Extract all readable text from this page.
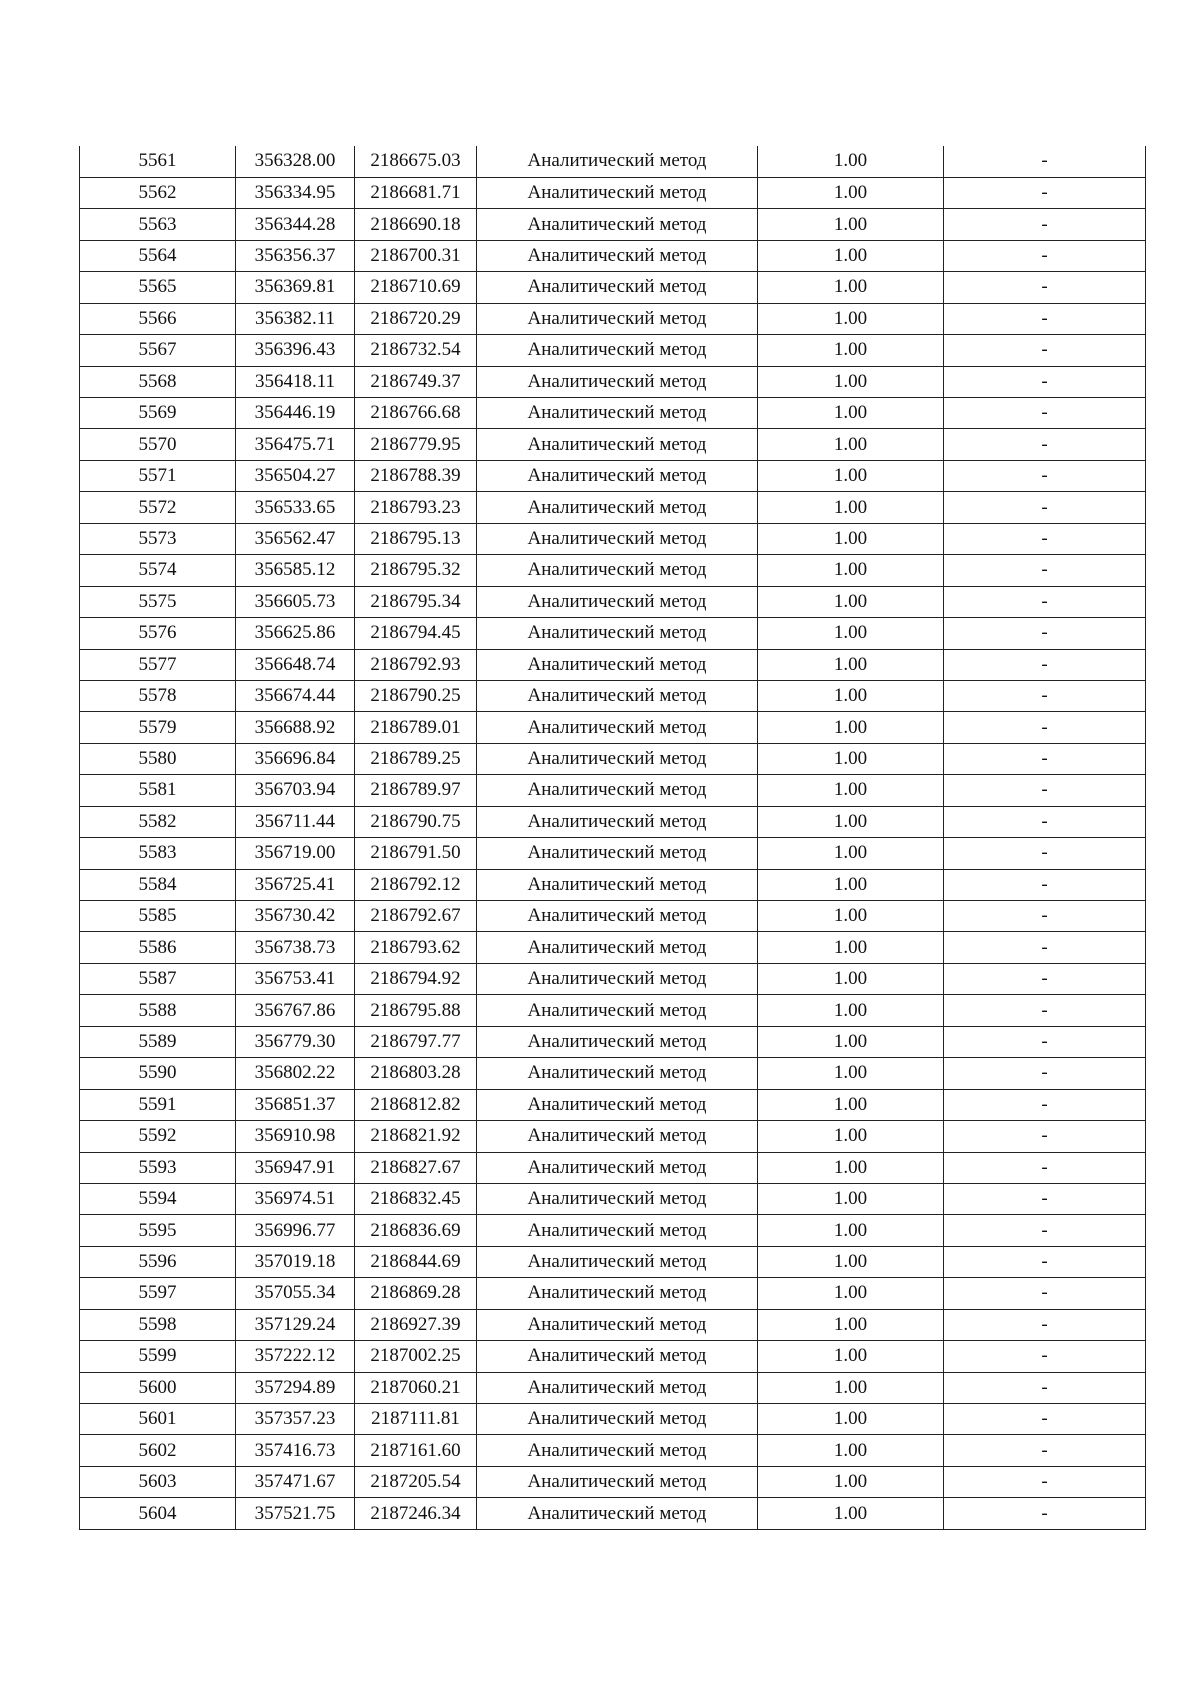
5561	356328.00	2186675.03	Аналитический метод	1.00	-
5562	356334.95	2186681.71	Аналитический метод	1.00	-
5563	356344.28	2186690.18	Аналитический метод	1.00	-
5564	356356.37	2186700.31	Аналитический метод	1.00	-
5565	356369.81	2186710.69	Аналитический метод	1.00	-
5566	356382.11	2186720.29	Аналитический метод	1.00	-
5567	356396.43	2186732.54	Аналитический метод	1.00	-
5568	356418.11	2186749.37	Аналитический метод	1.00	-
5569	356446.19	2186766.68	Аналитический метод	1.00	-
5570	356475.71	2186779.95	Аналитический метод	1.00	-
5571	356504.27	2186788.39	Аналитический метод	1.00	-
5572	356533.65	2186793.23	Аналитический метод	1.00	-
5573	356562.47	2186795.13	Аналитический метод	1.00	-
5574	356585.12	2186795.32	Аналитический метод	1.00	-
5575	356605.73	2186795.34	Аналитический метод	1.00	-
5576	356625.86	2186794.45	Аналитический метод	1.00	-
5577	356648.74	2186792.93	Аналитический метод	1.00	-
5578	356674.44	2186790.25	Аналитический метод	1.00	-
5579	356688.92	2186789.01	Аналитический метод	1.00	-
5580	356696.84	2186789.25	Аналитический метод	1.00	-
5581	356703.94	2186789.97	Аналитический метод	1.00	-
5582	356711.44	2186790.75	Аналитический метод	1.00	-
5583	356719.00	2186791.50	Аналитический метод	1.00	-
5584	356725.41	2186792.12	Аналитический метод	1.00	-
5585	356730.42	2186792.67	Аналитический метод	1.00	-
5586	356738.73	2186793.62	Аналитический метод	1.00	-
5587	356753.41	2186794.92	Аналитический метод	1.00	-
5588	356767.86	2186795.88	Аналитический метод	1.00	-
5589	356779.30	2186797.77	Аналитический метод	1.00	-
5590	356802.22	2186803.28	Аналитический метод	1.00	-
5591	356851.37	2186812.82	Аналитический метод	1.00	-
5592	356910.98	2186821.92	Аналитический метод	1.00	-
5593	356947.91	2186827.67	Аналитический метод	1.00	-
5594	356974.51	2186832.45	Аналитический метод	1.00	-
5595	356996.77	2186836.69	Аналитический метод	1.00	-
5596	357019.18	2186844.69	Аналитический метод	1.00	-
5597	357055.34	2186869.28	Аналитический метод	1.00	-
5598	357129.24	2186927.39	Аналитический метод	1.00	-
5599	357222.12	2187002.25	Аналитический метод	1.00	-
5600	357294.89	2187060.21	Аналитический метод	1.00	-
5601	357357.23	2187111.81	Аналитический метод	1.00	-
5602	357416.73	2187161.60	Аналитический метод	1.00	-
5603	357471.67	2187205.54	Аналитический метод	1.00	-
5604	357521.75	2187246.34	Аналитический метод	1.00	-
